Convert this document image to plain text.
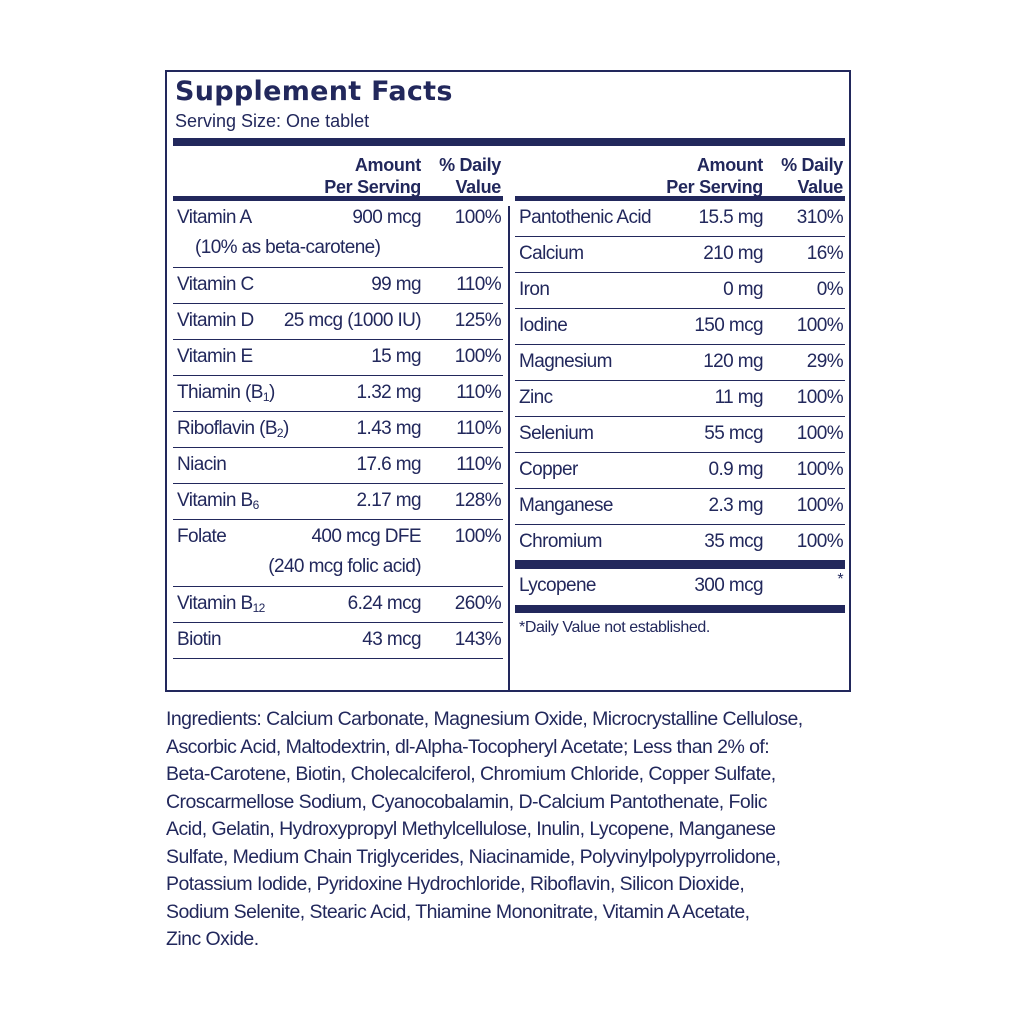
Supplement Facts
Serving Size: One tablet
Amount
Per Serving
% Daily
Value
Vitamin A	900 mcg 100%
(10% as beta-carotene)
Vitamin C	99 mg 110%
Vitamin D 25 mcg (1000 IU) 125%
Vitamin E	15 mg 100%
Thiamin $(B_1)$	1.32 mg 110%
Riboflavin $(B_2)$	1.43 mg 110%
Niacin	17.6 mg 110%
Vitamin $B_6$	2.17 mg 128%
Folate	400 mcg DFE 100%
(240 mcg folic acid)
Vitamin $B_{12}$	6.24 mcg 260%
Biotin	43 mcg 143%
Amount
Per Serving
% Daily
Value
Pantothenic Acid	15.5 mg 310%
Calcium	210 mg 16%
Iron	0 mg	0%
Iodine	150 mcg 100%
Magnesium	120 mg 29%
Zinc	11 mg 100%
Selenium	55 mcg 100%
Copper	0.9 mg 100%
Manganese	2.3 mg 100%
Chromium	35 mcg 100%
Lycopene	300 mcg	*
*Daily Value not established.
Ingredients: Calcium Carbonate, Magnesium Oxide, Microcrystalline Cellulose,
Ascorbic Acid, Maltodextrin, dl-Alpha-Tocopheryl Acetate; Less than 2% of:
Beta-Carotene, Biotin, Cholecalciferol, Chromium Chloride, Copper Sulfate,
Croscarmellose Sodium, Cyanocobalamin, D-Calcium Pantothenate, Folic
Acid, Gelatin, Hydroxypropyl Methylcellulose, Inulin, Lycopene, Manganese
Sulfate, Medium Chain Triglycerides, Niacinamide, Polyvinylpolypyrrolidone,
Potassium Iodide, Pyridoxine Hydrochloride, Riboflavin, Silicon Dioxide,
Sodium Selenite, Stearic Acid, Thiamine Mononitrate, Vitamin A Acetate,
Zinc Oxide.
